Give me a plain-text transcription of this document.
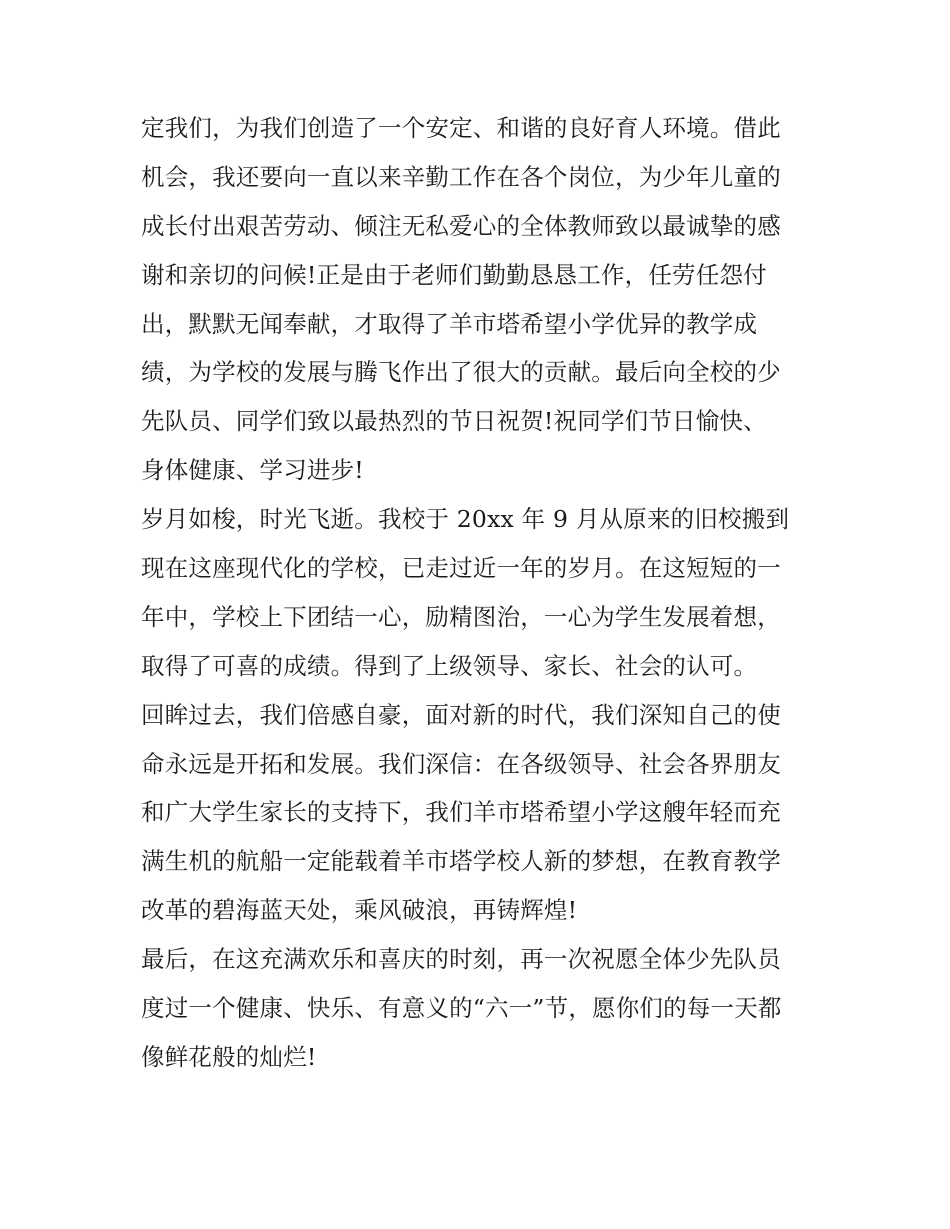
定我们，为我们创造了一个安定、和谐的良好育人环境。借此
机会，我还要向一直以来辛勤工作在各个岗位，为少年儿童的
成长付出艰苦劳动、倾注无私爱心的全体教师致以最诚挚的感
谢和亲切的问候!正是由于老师们勤勤恳恳工作，任劳任怨付
出，默默无闻奉献，才取得了羊市塔希望小学优异的教学成
绩，为学校的发展与腾飞作出了很大的贡献。最后向全校的少
先队员、同学们致以最热烈的节日祝贺!祝同学们节日愉快、
身体健康、学习进步!
岁月如梭，时光飞逝。我校于 20xx 年 9 月从原来的旧校搬到
现在这座现代化的学校，已走过近一年的岁月。在这短短的一
年中，学校上下团结一心，励精图治，一心为学生发展着想，
取得了可喜的成绩。得到了上级领导、家长、社会的认可。
回眸过去，我们倍感自豪，面对新的时代，我们深知自己的使
命永远是开拓和发展。我们深信：在各级领导、社会各界朋友
和广大学生家长的支持下，我们羊市塔希望小学这艘年轻而充
满生机的航船一定能载着羊市塔学校人新的梦想，在教育教学
改革的碧海蓝天处，乘风破浪，再铸辉煌!
最后，在这充满欢乐和喜庆的时刻，再一次祝愿全体少先队员
度过一个健康、快乐、有意义的“六一”节，愿你们的每一天都
像鲜花般的灿烂!
